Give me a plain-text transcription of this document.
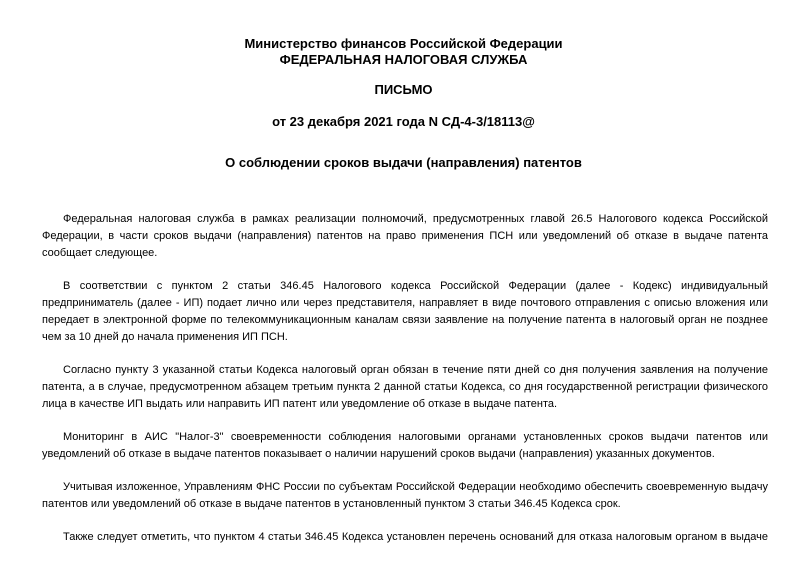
Министерство финансов Российской Федерации

ФЕДЕРАЛЬНАЯ НАЛОГОВАЯ СЛУЖБА

ПИСЬМО

от 23 декабря 2021 года N СД-4-3/18113@

О соблюдении сроков выдачи (направления) патентов

Федеральная налоговая служба в рамках реализации полномочий, предусмотренных главой 26.5 Налогового кодекса Российской Федерации, в части сроков выдачи (направления) патентов на право применения ПСН или уведомлений об отказе в выдаче патента сообщает следующее.

В соответствии с пунктом 2 статьи 346.45 Налогового кодекса Российской Федерации (далее - Кодекс) индивидуальный предприниматель (далее - ИП) подает лично или через представителя, направляет в виде почтового отправления с описью вложения или передает в электронной форме по телекоммуникационным каналам связи заявление на получение патента в налоговый орган не позднее чем за 10 дней до начала применения ИП ПСН.

Согласно пункту 3 указанной статьи Кодекса налоговый орган обязан в течение пяти дней со дня получения заявления на получение патента, а в случае, предусмотренном абзацем третьим пункта 2 данной статьи Кодекса, со дня государственной регистрации физического лица в качестве ИП выдать или направить ИП патент или уведомление об отказе в выдаче патента.

Мониторинг в АИС "Налог-3" своевременности соблюдения налоговыми органами установленных сроков выдачи патентов или уведомлений об отказе в выдаче патентов показывает о наличии нарушений сроков выдачи (направления) указанных документов.

Учитывая изложенное, Управлениям ФНС России по субъектам Российской Федерации необходимо обеспечить своевременную выдачу патентов или уведомлений об отказе в выдаче патентов в установленный пунктом 3 статьи 346.45 Кодекса срок.

Также следует отметить, что пунктом 4 статьи 346.45 Кодекса установлен перечень оснований для отказа налоговым органом в выдаче
